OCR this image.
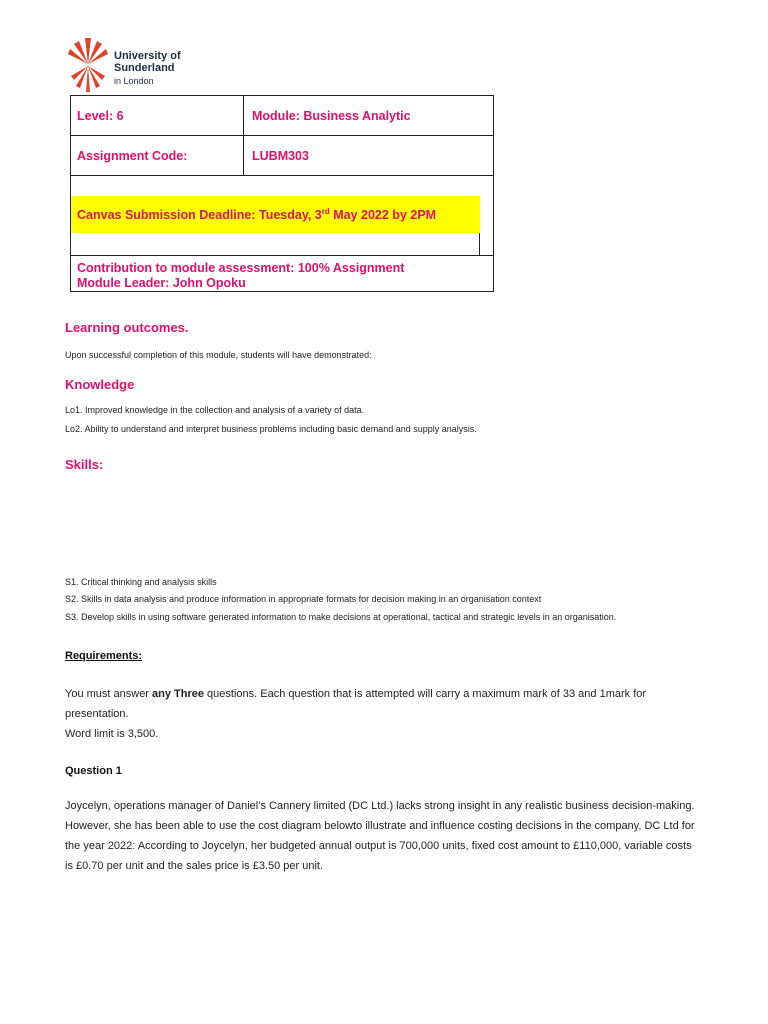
University of
Sunderland
in London
Level: 6	Module: Business Analytic
Assignment Code:	LUBM303
Canvas Submission Deadline: Tuesday, 3rd May 2022 by 2PM
Contribution to module assessment: 100% Assignment
Module Leader: John Opoku
Learning outcomes.
Upon successful completion of this module, students will have demonstrated:
Knowledge
Lo1. Improved knowledge in the collection and analysis of a variety of data.
Lo2. Ability to understand and interpret business problems including basic demand and supply analysis.
Skills:
S1. Critical thinking and analysis skills
S2. Skills in data analysis and produce information in appropriate formats for decision making in an organisation context
S3. Develop skills in using software generated information to make decisions at operational, tactical and strategic levels in an organisation.
Requirements:
You must answer any Three questions. Each question that is attempted will carry a maximum mark of 33 and 1mark for
presentation.
Word limit is 3,500.
Question 1
Joycelyn, operations manager of Daniel’s Cannery limited (DC Ltd.) lacks strong insight in any realistic business decision-making.
However, she has been able to use the cost diagram belowto illustrate and influence costing decisions in the company, DC Ltd for
the year 2022: According to Joycelyn, her budgeted annual output is 700,000 units, fixed cost amount to £110,000, variable costs
is £0.70 per unit and the sales price is £3.50 per unit.
